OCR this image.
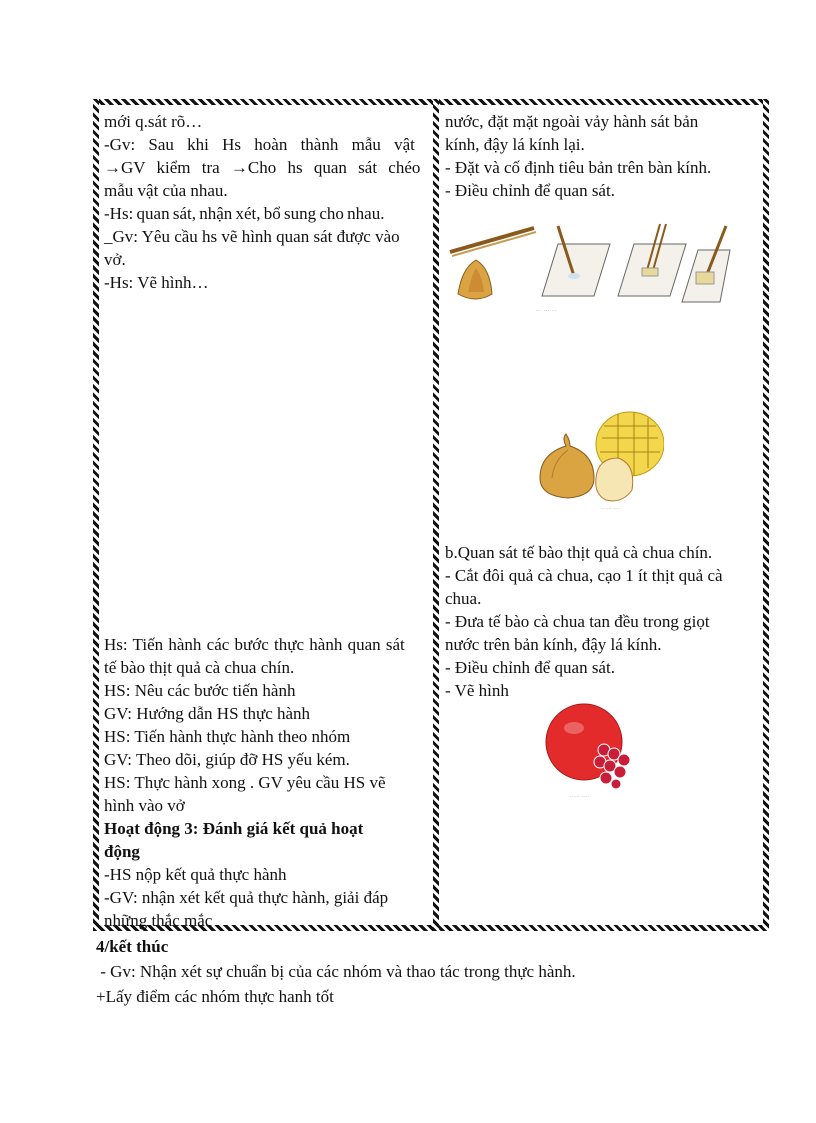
mới q.sát rõ…
-Gv: Sau khi Hs hoàn thành mẫu vật
→GV kiểm tra →Cho hs quan sát chéo
mẫu vật của nhau.
-Hs: quan sát, nhận xét, bổ sung cho nhau.
_Gv: Yêu cầu hs vẽ hình quan sát được vào
vở.
-Hs: Vẽ hình…
Hs: Tiến hành các bước thực hành quan sát
tế bào thịt quả cà chua chín.
HS: Nêu các bước tiến hành
GV: Hướng dẫn HS thực hành
HS: Tiến hành thực hành theo nhóm
GV: Theo dõi, giúp đỡ HS yếu kém.
HS: Thực hành xong . GV yêu cầu HS vẽ
hình vào vở
Hoạt động 3: Đánh giá kết quả hoạt
động
-HS nộp kết quả thực hành
-GV: nhận xét kết quả thực hành, giải đáp
những thắc mắc
nước, đặt mặt ngoài vảy hành sát bản
kính, đậy lá kính lại.
- Đặt và cố định tiêu bản trên bàn kính.
- Điều chỉnh để quan sát.
··· ··· ···
·· ··· ·····
b.Quan sát tế bào thịt quả cà chua chín.
- Cắt đôi quả cà chua, cạo 1 ít thịt quả cà
chua.
- Đưa tế bào cà chua tan đều trong giọt
nước trên bản kính, đậy lá kính.
- Điều chỉnh để quan sát.
- Vẽ hình
·· ··· ·····
4/kết thúc
- Gv: Nhận xét sự chuẩn bị của các nhóm và thao tác trong thực hành.
+Lấy điểm các nhóm thực hanh tốt
